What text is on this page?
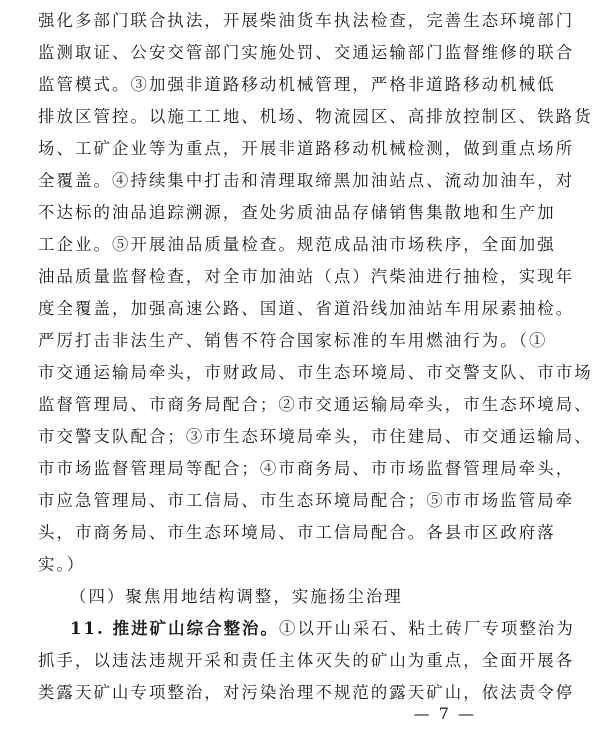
强化多部门联合执法，开展柴油货车执法检查，完善生态环境部门
监测取证、公安交管部门实施处罚、交通运输部门监督维修的联合
监管模式。③加强非道路移动机械管理，严格非道路移动机械低
排放区管控。以施工工地、机场、物流园区、高排放控制区、铁路货
场、工矿企业等为重点，开展非道路移动机械检测，做到重点场所
全覆盖。④持续集中打击和清理取缔黑加油站点、流动加油车，对
不达标的油品追踪溯源，查处劣质油品存储销售集散地和生产加
工企业。⑤开展油品质量检查。规范成品油市场秩序，全面加强
油品质量监督检查，对全市加油站（点）汽柴油进行抽检，实现年
度全覆盖，加强高速公路、国道、省道沿线加油站车用尿素抽检。
严厉打击非法生产、销售不符合国家标准的车用燃油行为。（①
市交通运输局牵头，市财政局、市生态环境局、市交警支队、市市场
监督管理局、市商务局配合；②市交通运输局牵头，市生态环境局、
市交警支队配合；③市生态环境局牵头，市住建局、市交通运输局、
市市场监督管理局等配合；④市商务局、市市场监督管理局牵头，
市应急管理局、市工信局、市生态环境局配合；⑤市市场监管局牵
头，市商务局、市生态环境局、市工信局配合。各县市区政府落
实。）
（四）聚焦用地结构调整，实施扬尘治理
11. 推进矿山综合整治。①以开山采石、粘土砖厂专项整治为
抓手，以违法违规开采和责任主体灭失的矿山为重点，全面开展各
类露天矿山专项整治，对污染治理不规范的露天矿山，依法责令停
— 7 —
